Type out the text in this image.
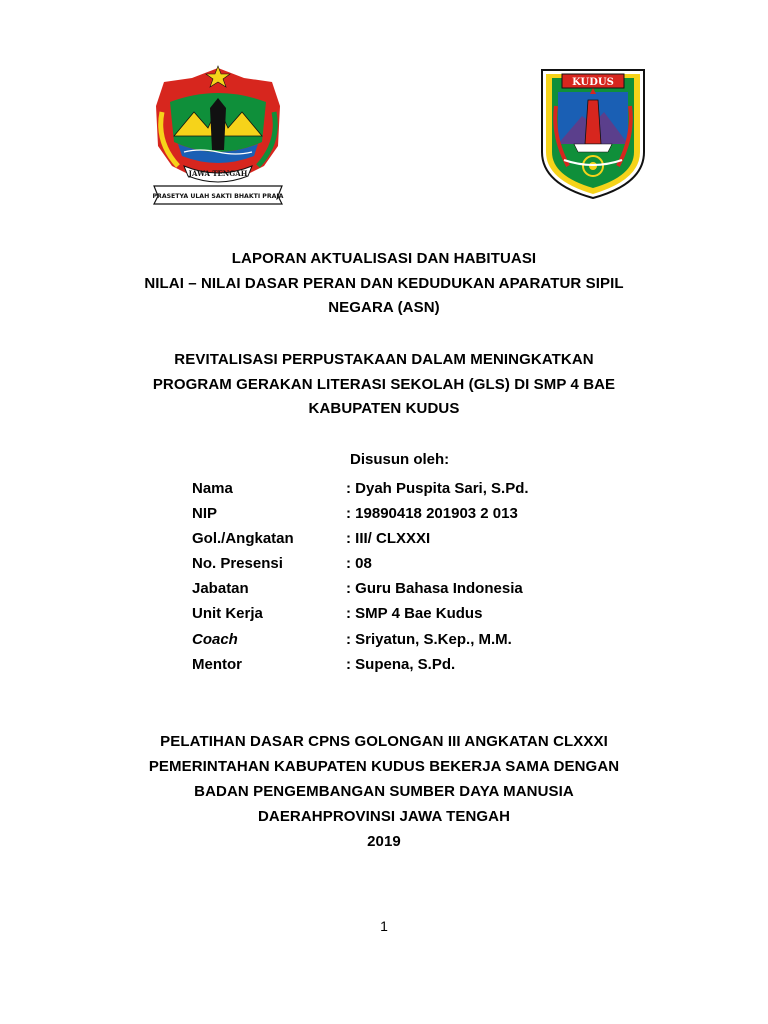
JAWA TENGAH
PRASETYA ULAH SAKTI BHAKTI PRAJA
KUDUS
LAPORAN AKTUALISASI DAN HABITUASI
NILAI – NILAI DASAR PERAN DAN KEDUDUKAN APARATUR SIPIL
NEGARA (ASN)
REVITALISASI PERPUSTAKAAN DALAM MENINGKATKAN
PROGRAM GERAKAN LITERASI SEKOLAH (GLS) DI SMP 4 BAE
KABUPATEN KUDUS
Disusun oleh:
Nama	: Dyah Puspita Sari, S.Pd.
NIP	: 19890418 201903 2 013
Gol./Angkatan	: III/ CLXXXI
No. Presensi	: 08
Jabatan	: Guru Bahasa Indonesia
Unit Kerja	: SMP 4 Bae Kudus
Coach	: Sriyatun, S.Kep., M.M.
Mentor	: Supena, S.Pd.
PELATIHAN DASAR CPNS GOLONGAN III ANGKATAN CLXXXI
PEMERINTAHAN KABUPATEN KUDUS BEKERJA SAMA DENGAN
BADAN PENGEMBANGAN SUMBER DAYA MANUSIA
DAERAHPROVINSI JAWA TENGAH
2019
1
